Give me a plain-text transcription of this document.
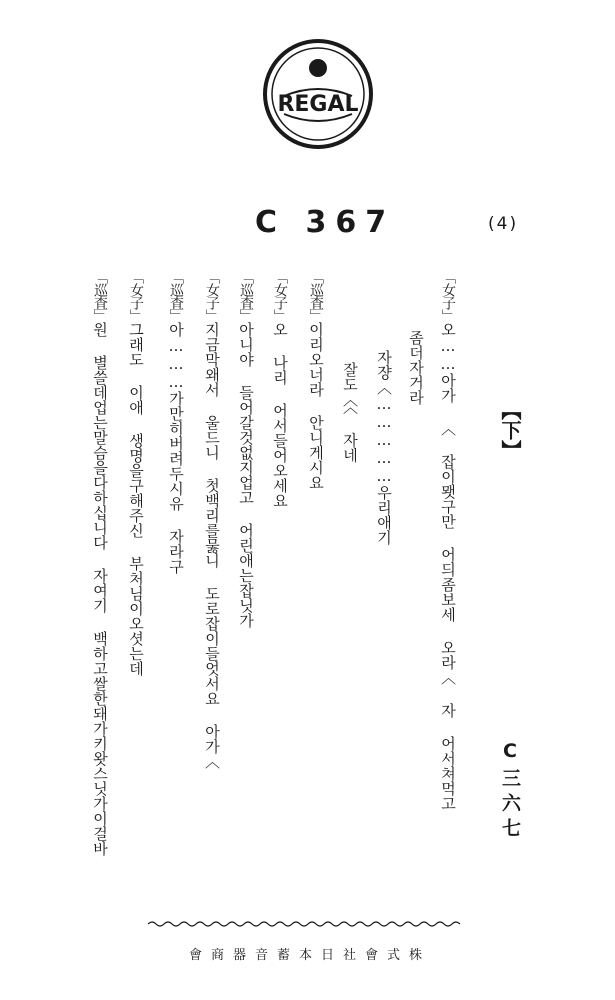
REGAL
C 367	(4)
【下】
C三六七
「女子」오……아가 〈 잡이뫳구만 어듸좀보세 오라〈 자 어서쳐먹고
좀더자거라
자쟝〈……………우리애기
잘도〈〈 자네
「巡査」이리오너라 안니게시요
「女子」오 나리 어서들어오세요
「巡査」아니야 들어갈것없지업고 어린애는잡닛가
「女子」지금막왜서 울드니 첫백리를뭃니 도로잡이들엇서요 아가〈
「巡査」아………가만히버려두시유 자라구
「女子」그래도 이애 생명을구해주신 부처님이오셧는데
「巡査」원 별쓸데업는말슴을다하십니다 자여기 백하고쌀한돼가키왓스닛가이걸바
株式會社日本蓄音器商會
